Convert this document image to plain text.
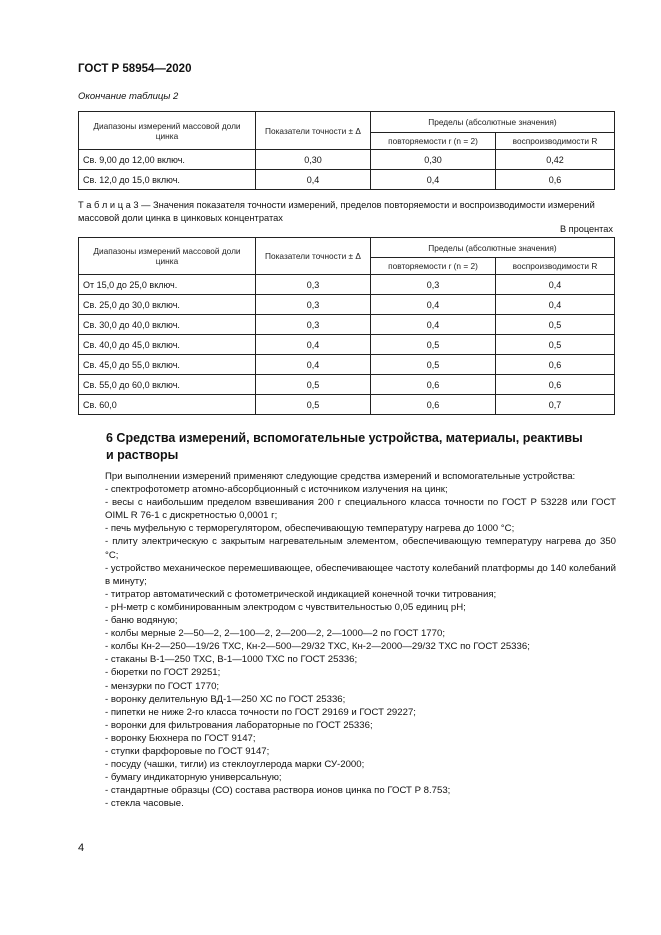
ГОСТ Р 58954—2020
Окончание таблицы 2
Диапазоны измерений массовой доли цинка	Показатели точности ± Δ	Пределы (абсолютные значения)	
		повторяемости r (n = 2)	воспроизводимости R
Св. 9,00 до 12,00 включ.	0,30	0,30	0,42
Св. 12,0 до 15,0 включ.	0,4	0,4	0,6
Т а б л и ц а 3 — Значения показателя точности измерений, пределов повторяемости и воспроизводимости измерений массовой доли цинка в цинковых концентратах
В процентах
Диапазоны измерений массовой доли цинка	Показатели точности ± Δ	Пределы (абсолютные значения)	
		повторяемости r (n = 2)	воспроизводимости R
От 15,0 до 25,0 включ.	0,3	0,3	0,4
Св. 25,0 до 30,0 включ.	0,3	0,4	0,4
Св. 30,0 до 40,0 включ.	0,3	0,4	0,5
Св. 40,0 до 45,0 включ.	0,4	0,5	0,5
Св. 45,0 до 55,0 включ.	0,4	0,5	0,6
Св. 55,0 до 60,0 включ.	0,5	0,6	0,6
Св. 60,0	0,5	0,6	0,7
6 Средства измерений, вспомогательные устройства, материалы, реактивы и растворы

При выполнении измерений применяют следующие средства измерений и вспомогательные устройства:

- спектрофотометр атомно-абсорбционный с источником излучения на цинк;

- весы с наибольшим пределом взвешивания 200 г специального класса точности по ГОСТ Р 53228 или ГОСТ OIML R 76-1 с дискретностью 0,0001 г;

- печь муфельную с терморегулятором, обеспечивающую температуру нагрева до 1000 °С;

- плиту электрическую с закрытым нагревательным элементом, обеспечивающую температуру нагрева до 350 °С;

- устройство механическое перемешивающее, обеспечивающее частоту колебаний платформы до 140 колебаний в минуту;

- титратор автоматический с фотометрической индикацией конечной точки титрования;

- pH-метр с комбинированным электродом с чувствительностью 0,05 единиц pH;

- баню водяную;

- колбы мерные 2—50—2, 2—100—2, 2—200—2, 2—1000—2 по ГОСТ 1770;

- колбы Кн-2—250—19/26 ТХС, Кн-2—500—29/32 ТХС, Кн-2—2000—29/32 ТХС по ГОСТ 25336;

- стаканы В-1—250 ТХС, В-1—1000 ТХС по ГОСТ 25336;

- бюретки по ГОСТ 29251;

- мензурки по ГОСТ 1770;

- воронку делительную ВД-1—250 ХС по ГОСТ 25336;

- пипетки не ниже 2-го класса точности по ГОСТ 29169 и ГОСТ 29227;

- воронки для фильтрования лабораторные по ГОСТ 25336;

- воронку Бюхнера по ГОСТ 9147;

- ступки фарфоровые по ГОСТ 9147;

- посуду (чашки, тигли) из стеклоуглерода марки СУ-2000;

- бумагу индикаторную универсальную;

- стандартные образцы (СО) состава раствора ионов цинка по ГОСТ Р 8.753;

- стекла часовые.

4
